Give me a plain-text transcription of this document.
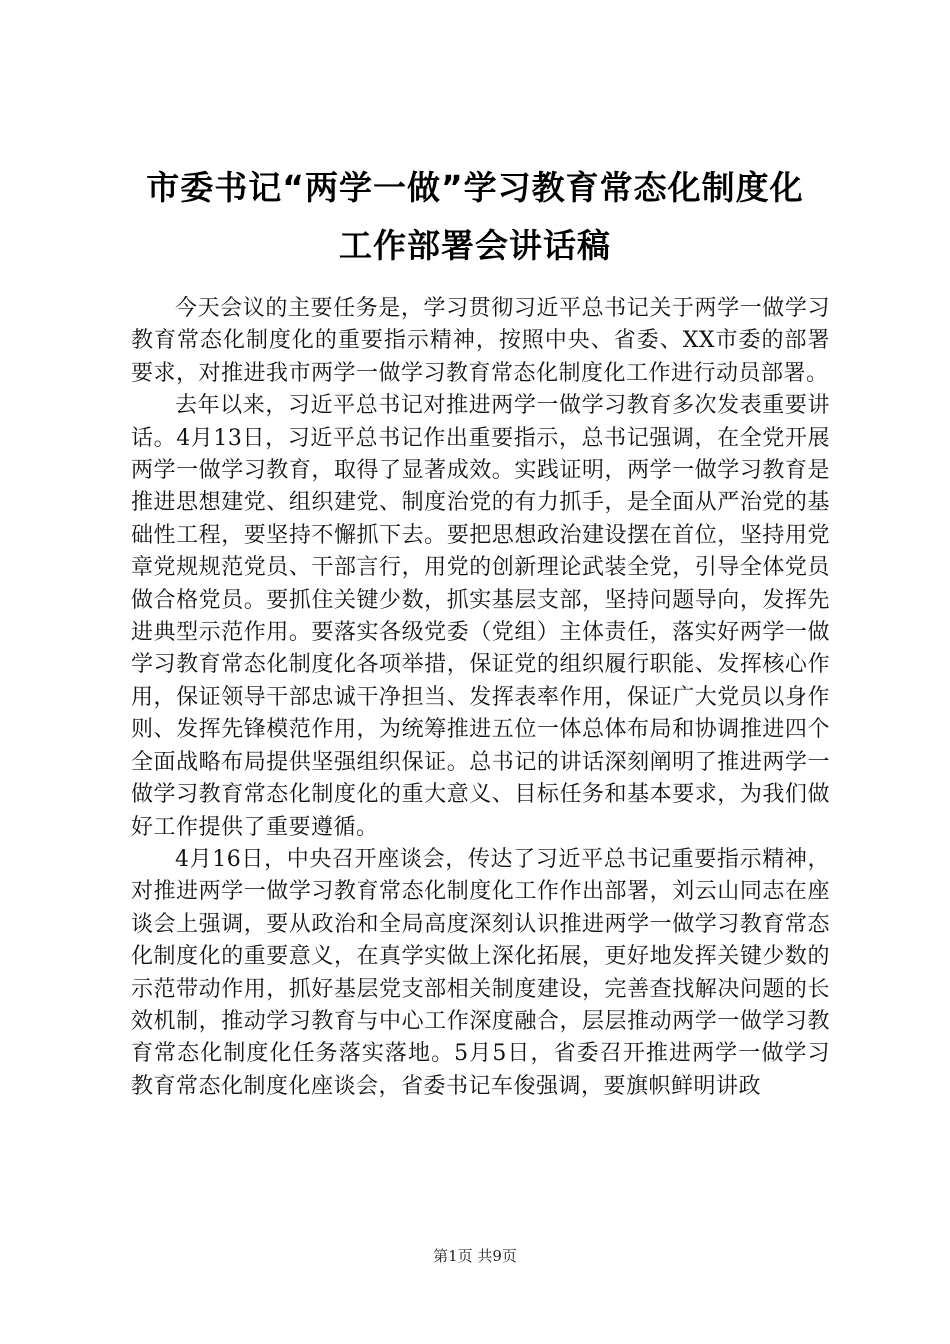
市委书记“两学一做”学习教育常态化制度化
工作部署会讲话稿

今天会议的主要任务是，学习贯彻习近平总书记关于两学一做学习教育常态化制度化的重要指示精神，按照中央、省委、XX市委的部署要求，对推进我市两学一做学习教育常态化制度化工作进行动员部署。

去年以来，习近平总书记对推进两学一做学习教育多次发表重要讲话。4月13日，习近平总书记作出重要指示，总书记强调，在全党开展两学一做学习教育，取得了显著成效。实践证明，两学一做学习教育是推进思想建党、组织建党、制度治党的有力抓手，是全面从严治党的基础性工程，要坚持不懈抓下去。要把思想政治建设摆在首位，坚持用党章党规规范党员、干部言行，用党的创新理论武装全党，引导全体党员做合格党员。要抓住关键少数，抓实基层支部，坚持问题导向，发挥先进典型示范作用。要落实各级党委（党组）主体责任，落实好两学一做学习教育常态化制度化各项举措，保证党的组织履行职能、发挥核心作用，保证领导干部忠诚干净担当、发挥表率作用，保证广大党员以身作则、发挥先锋模范作用，为统筹推进五位一体总体布局和协调推进四个全面战略布局提供坚强组织保证。总书记的讲话深刻阐明了推进两学一做学习教育常态化制度化的重大意义、目标任务和基本要求，为我们做好工作提供了重要遵循。

4月16日，中央召开座谈会，传达了习近平总书记重要指示精神，对推进两学一做学习教育常态化制度化工作作出部署，刘云山同志在座谈会上强调，要从政治和全局高度深刻认识推进两学一做学习教育常态化制度化的重要意义，在真学实做上深化拓展，更好地发挥关键少数的示范带动作用，抓好基层党支部相关制度建设，完善查找解决问题的长效机制，推动学习教育与中心工作深度融合，层层推动两学一做学习教育常态化制度化任务落实落地。5月5日，省委召开推进两学一做学习教育常态化制度化座谈会，省委书记车俊强调，要旗帜鲜明讲政

第1页 共9页
